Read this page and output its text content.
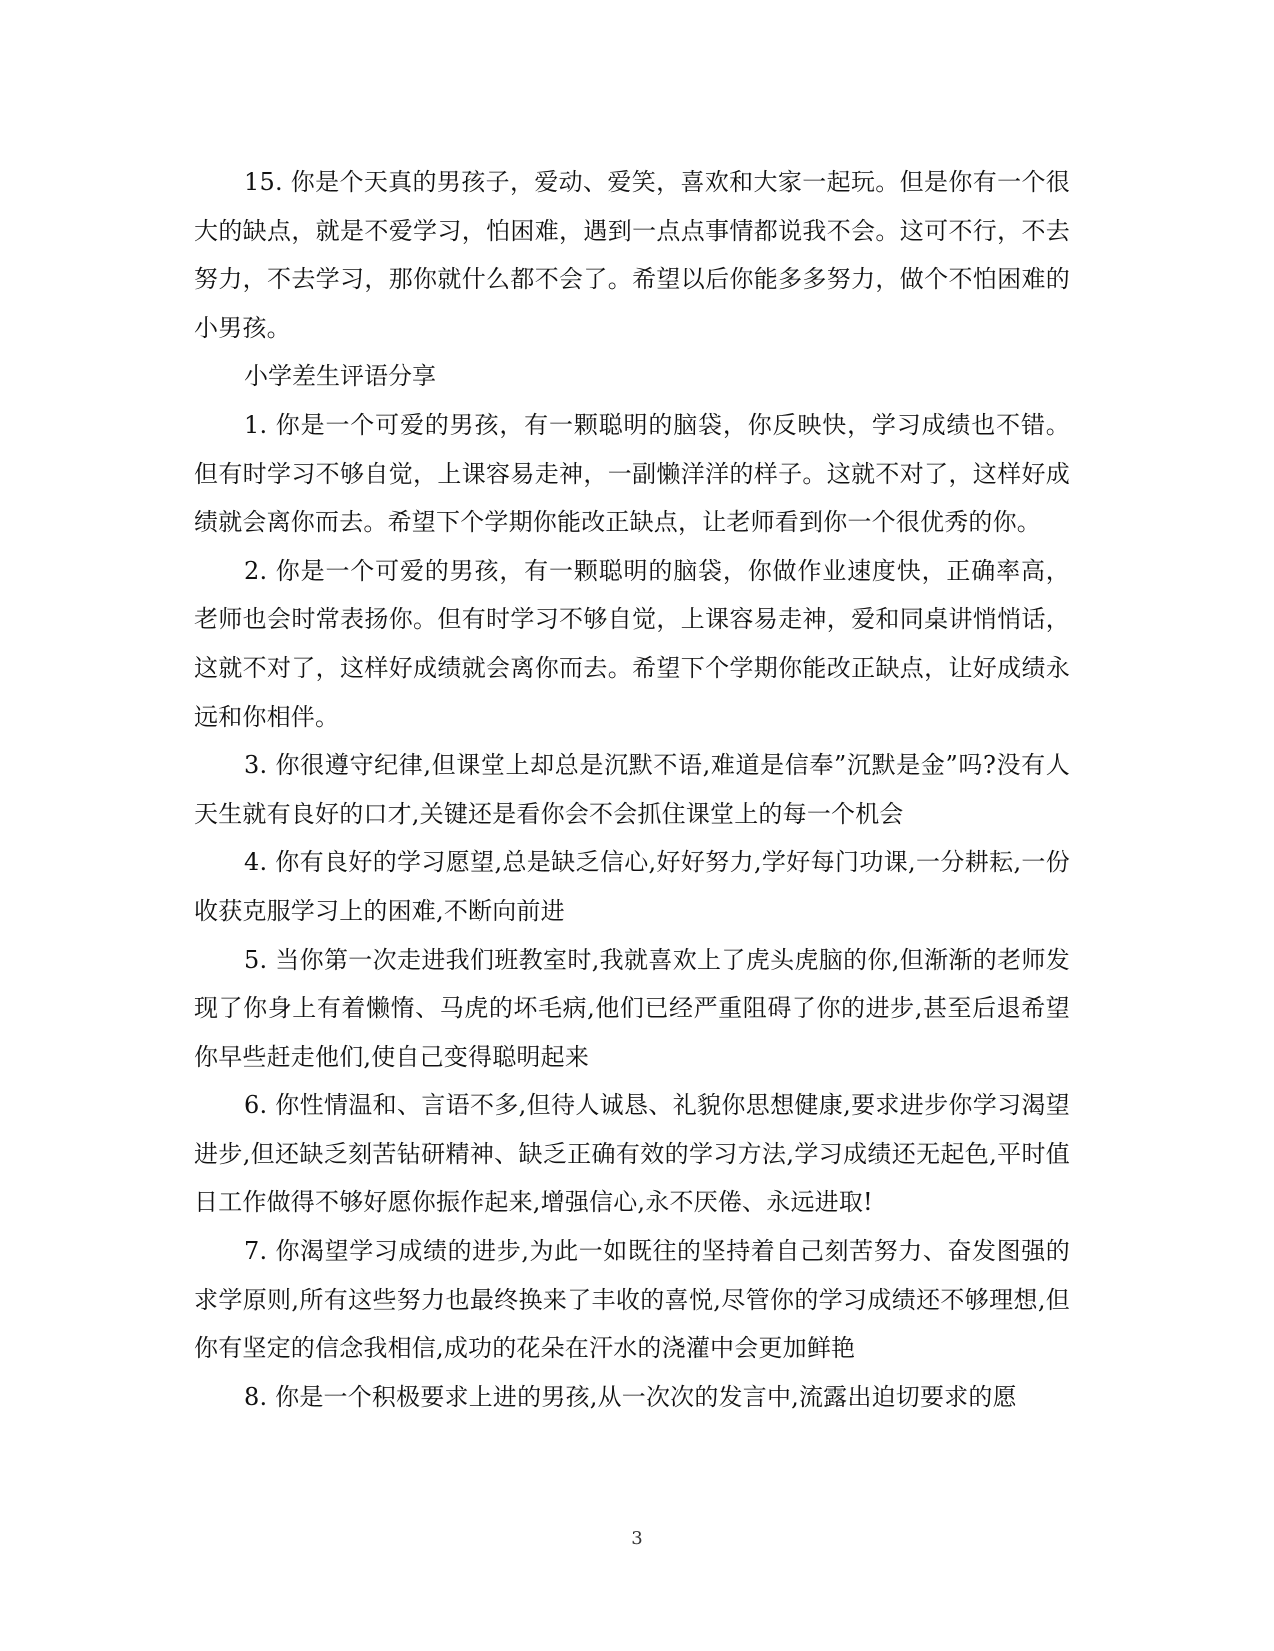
15. 你是个天真的男孩子，爱动、爱笑，喜欢和大家一起玩。但是你有一个很大的缺点，就是不爱学习，怕困难，遇到一点点事情都说我不会。这可不行，不去努力，不去学习，那你就什么都不会了。希望以后你能多多努力，做个不怕困难的小男孩。

小学差生评语分享

1. 你是一个可爱的男孩，有一颗聪明的脑袋，你反映快，学习成绩也不错。但有时学习不够自觉，上课容易走神，一副懒洋洋的样子。这就不对了，这样好成绩就会离你而去。希望下个学期你能改正缺点，让老师看到你一个很优秀的你。

2. 你是一个可爱的男孩，有一颗聪明的脑袋，你做作业速度快，正确率高，老师也会时常表扬你。但有时学习不够自觉，上课容易走神，爱和同桌讲悄悄话，这就不对了，这样好成绩就会离你而去。希望下个学期你能改正缺点，让好成绩永远和你相伴。

3. 你很遵守纪律,但课堂上却总是沉默不语,难道是信奉”沉默是金”吗?没有人天生就有良好的口才,关键还是看你会不会抓住课堂上的每一个机会

4. 你有良好的学习愿望,总是缺乏信心,好好努力,学好每门功课,一分耕耘,一份收获克服学习上的困难,不断向前进

5. 当你第一次走进我们班教室时,我就喜欢上了虎头虎脑的你,但渐渐的老师发现了你身上有着懒惰、马虎的坏毛病,他们已经严重阻碍了你的进步,甚至后退希望你早些赶走他们,使自己变得聪明起来

6. 你性情温和、言语不多,但待人诚恳、礼貌你思想健康,要求进步你学习渴望进步,但还缺乏刻苦钻研精神、缺乏正确有效的学习方法,学习成绩还无起色,平时值日工作做得不够好愿你振作起来,增强信心,永不厌倦、永远进取!

7. 你渴望学习成绩的进步,为此一如既往的坚持着自己刻苦努力、奋发图强的求学原则,所有这些努力也最终换来了丰收的喜悦,尽管你的学习成绩还不够理想,但你有坚定的信念我相信,成功的花朵在汗水的浇灌中会更加鲜艳

8. 你是一个积极要求上进的男孩,从一次次的发言中,流露出迫切要求的愿

3
